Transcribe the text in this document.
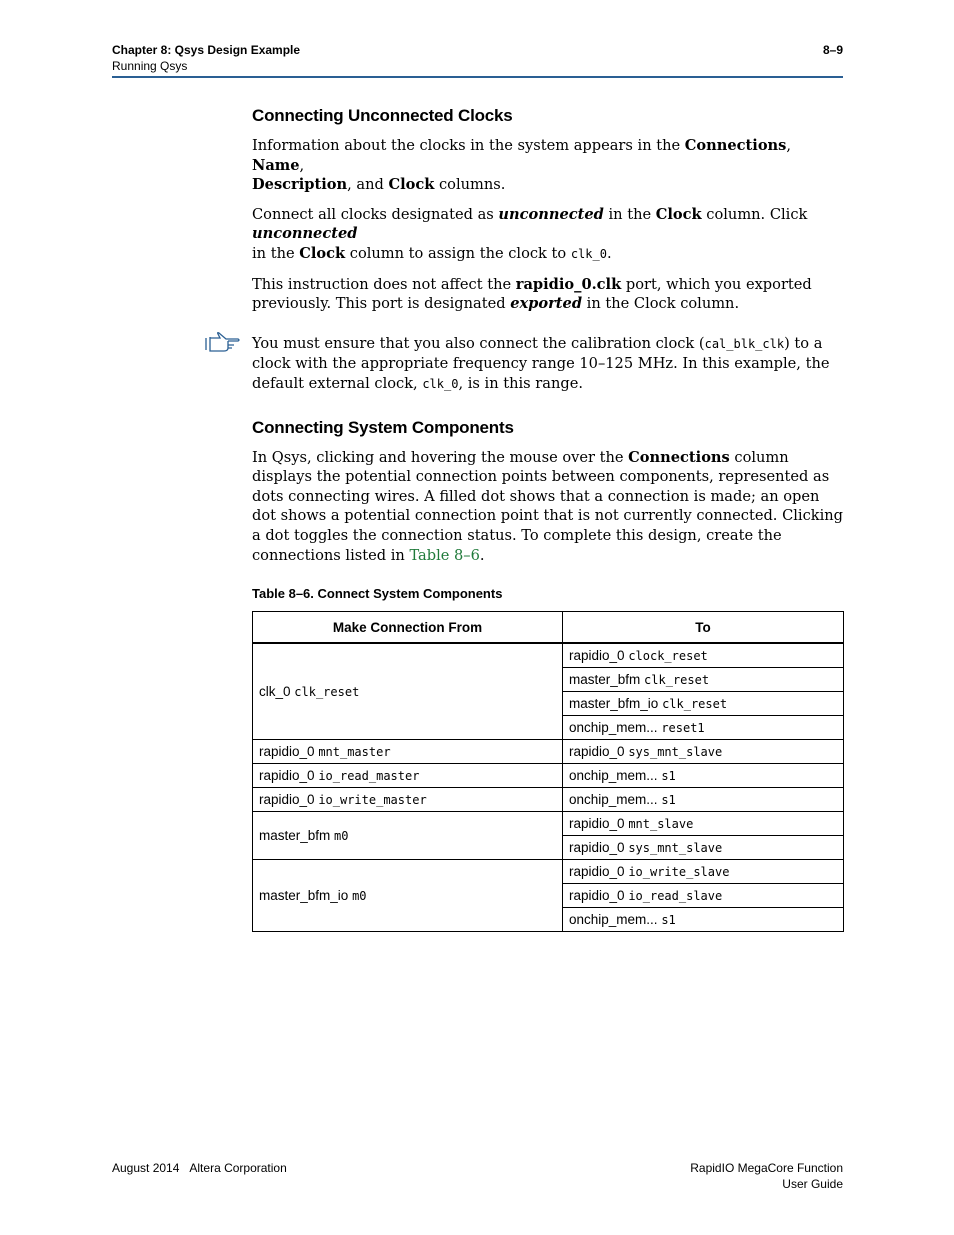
Chapter 8: Qsys Design Example
Running Qsys
8–9
Connecting Unconnected Clocks

Information about the clocks in the system appears in the Connections, Name,
Description, and Clock columns.

Connect all clocks designated as unconnected in the Clock column. Click unconnected
in the Clock column to assign the clock to clk_0.

This instruction does not affect the rapidio_0.clk port, which you exported previously. This port is designated exported in the Clock column.

You must ensure that you also connect the calibration clock (cal_blk_clk) to a clock with the appropriate frequency range 10–125 MHz. In this example, the default external clock, clk_0, is in this range.

Connecting System Components

In Qsys, clicking and hovering the mouse over the Connections column displays the potential connection points between components, represented as dots connecting wires. A filled dot shows that a connection is made; an open dot shows a potential connection point that is not currently connected. Clicking a dot toggles the connection status. To complete this design, create the connections listed in Table 8–6.

Table 8–6. Connect System Components
Make Connection From	To
clk_0 clk_reset	rapidio_0 clock_reset
	master_bfm clk_reset
	master_bfm_io clk_reset
	onchip_mem... reset1
rapidio_0 mnt_master	rapidio_0 sys_mnt_slave
rapidio_0 io_read_master	onchip_mem... s1
rapidio_0 io_write_master	onchip_mem... s1
master_bfm m0	rapidio_0 mnt_slave
	rapidio_0 sys_mnt_slave
master_bfm_io m0	rapidio_0 io_write_slave
	rapidio_0 io_read_slave
	onchip_mem... s1
August 2014 Altera Corporation	RapidIO MegaCore Function
User Guide
